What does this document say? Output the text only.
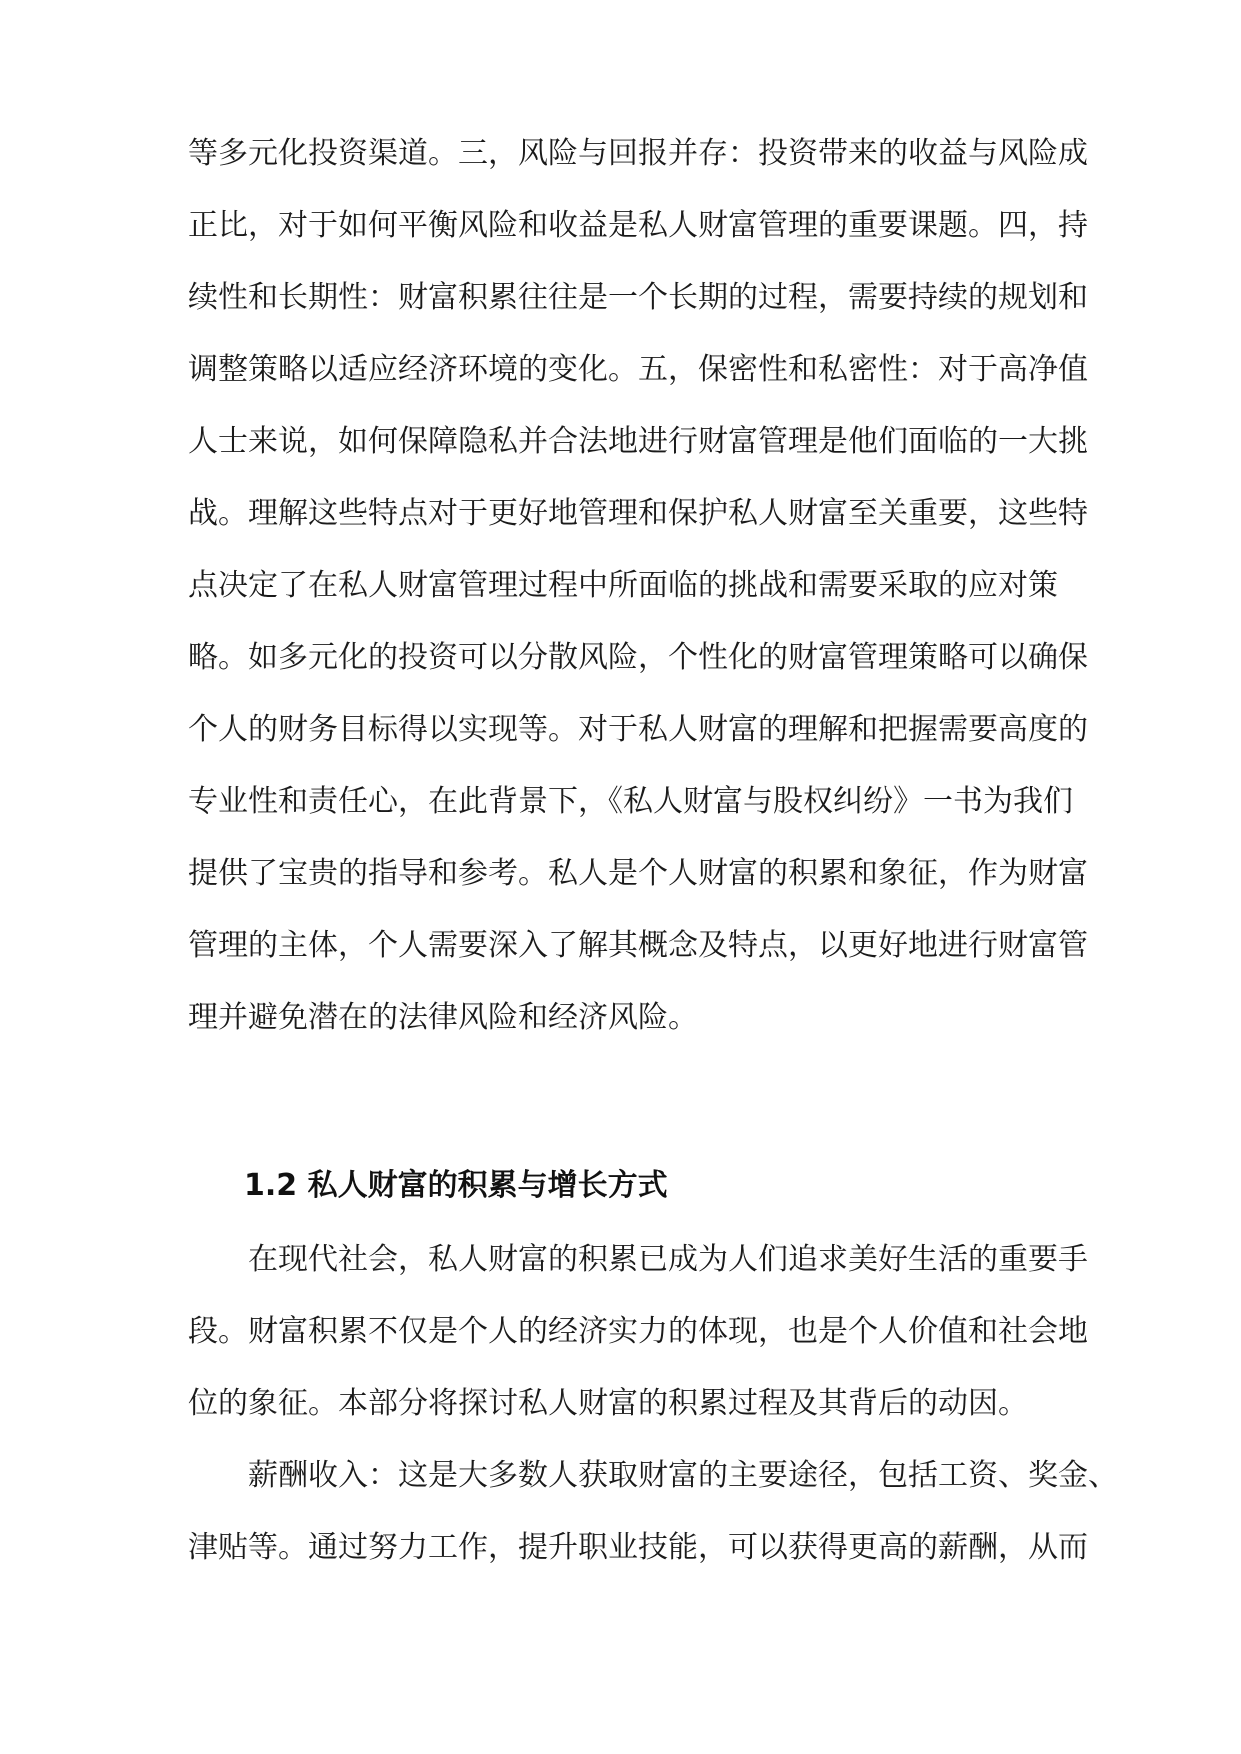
等多元化投资渠道。三，风险与回报并存：投资带来的收益与风险成
正比，对于如何平衡风险和收益是私人财富管理的重要课题。四，持
续性和长期性：财富积累往往是一个长期的过程，需要持续的规划和
调整策略以适应经济环境的变化。五，保密性和私密性：对于高净值
人士来说，如何保障隐私并合法地进行财富管理是他们面临的一大挑
战。理解这些特点对于更好地管理和保护私人财富至关重要，这些特
点决定了在私人财富管理过程中所面临的挑战和需要采取的应对策
略。如多元化的投资可以分散风险，个性化的财富管理策略可以确保
个人的财务目标得以实现等。对于私人财富的理解和把握需要高度的
专业性和责任心，在此背景下，《私人财富与股权纠纷》一书为我们
提供了宝贵的指导和参考。私人是个人财富的积累和象征，作为财富
管理的主体，个人需要深入了解其概念及特点，以更好地进行财富管
理并避免潜在的法律风险和经济风险。
1.2 私人财富的积累与增长方式
　　在现代社会，私人财富的积累已成为人们追求美好生活的重要手
段。财富积累不仅是个人的经济实力的体现，也是个人价值和社会地
位的象征。本部分将探讨私人财富的积累过程及其背后的动因。
　　薪酬收入：这是大多数人获取财富的主要途径，包括工资、奖金、
津贴等。通过努力工作，提升职业技能，可以获得更高的薪酬，从而
